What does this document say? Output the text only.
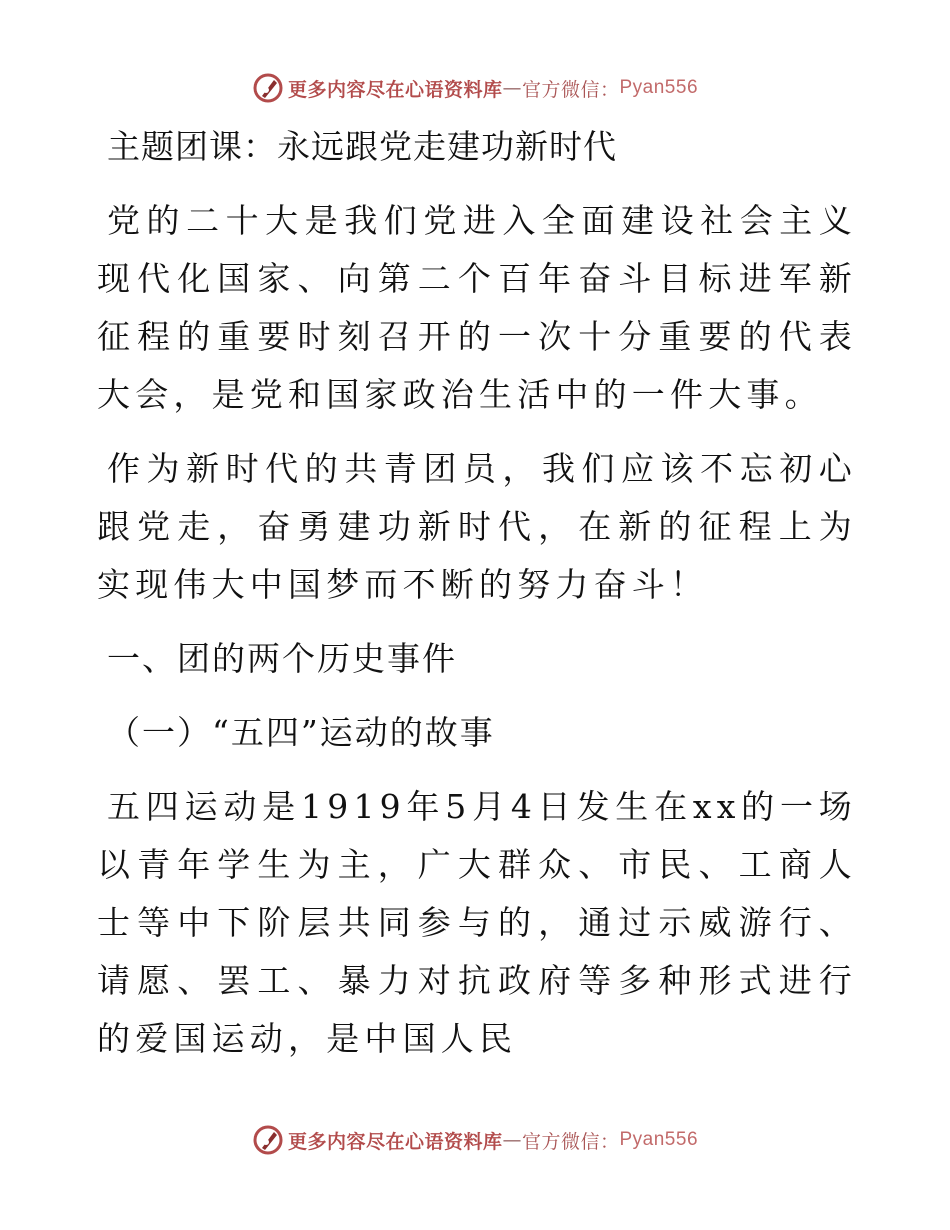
更多内容尽在心语资料库 — 官方微信： Pyan556
主题团课：永远跟党走建功新时代
党的二十大是我们党进入全面建设社会主义现代化国家、向第二个百年奋斗目标进军新征程的重要时刻召开的一次十分重要的代表大会，是党和国家政治生活中的一件大事。
作为新时代的共青团员，我们应该不忘初心跟党走，奋勇建功新时代，在新的征程上为实现伟大中国梦而不断的努力奋斗！
一、团的两个历史事件
（一）“五四”运动的故事
五四运动是1919年5月4日发生在xx的一场以青年学生为主，广大群众、市民、工商人士等中下阶层共同参与的，通过示威游行、请愿、罢工、暴力对抗政府等多种形式进行的爱国运动，是中国人民
更多内容尽在心语资料库 — 官方微信： Pyan556
